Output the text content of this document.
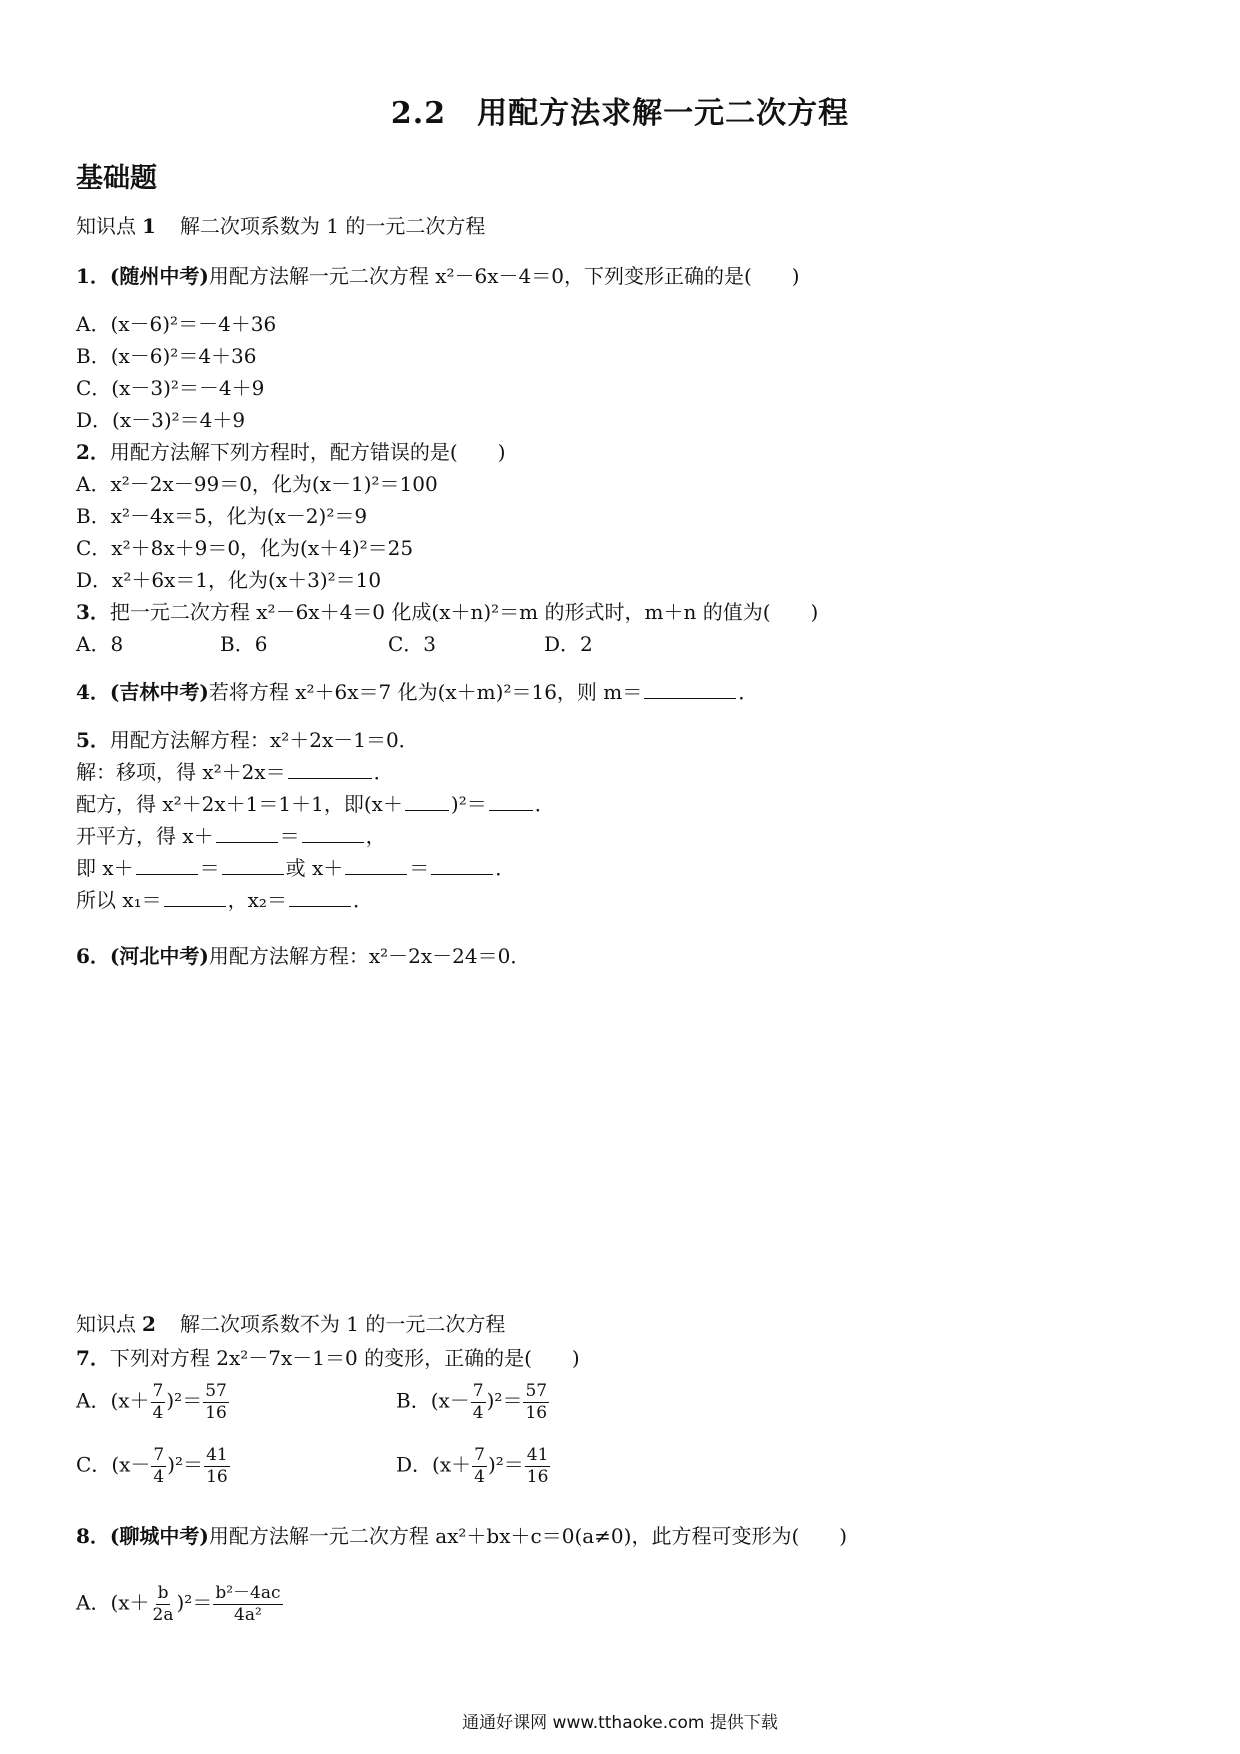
2.2　用配方法求解一元二次方程
基础题
知识点 1 解二次项系数为 1 的一元二次方程
1．(随州中考)用配方法解一元二次方程 x²－6x－4＝0，下列变形正确的是(　　)
A．(x－6)²＝－4＋36
B．(x－6)²＝4＋36
C．(x－3)²＝－4＋9
D．(x－3)²＝4＋9
2．用配方法解下列方程时，配方错误的是(　　)
A．x²－2x－99＝0，化为(x－1)²＝100
B．x²－4x＝5，化为(x－2)²＝9
C．x²＋8x＋9＝0，化为(x＋4)²＝25
D．x²＋6x＝1，化为(x＋3)²＝10
3．把一元二次方程 x²－6x＋4＝0 化成(x＋n)²＝m 的形式时，m＋n 的值为(　　)
A．8	B．6	C．3	D．2
4．(吉林中考)若将方程 x²＋6x＝7 化为(x＋m)²＝16，则 m＝	．
5．用配方法解方程：x²＋2x－1＝0．
解：移项，得 x²＋2x＝	．
配方，得 x²＋2x＋1＝1＋1，即(x＋ )²＝ ．
开平方，得 x＋	＝	，
即 x＋	＝	或 x＋	＝	．
所以 x₁＝	，x₂＝	．
6．(河北中考)用配方法解方程：x²－2x－24＝0．
知识点 2 解二次项系数不为 1 的一元二次方程
7．下列对方程 2x²－7x－1＝0 的变形，正确的是(　　)
A．$(x+ \frac{7}{4} )^2= \frac{57}{16}$	B．$(x- \frac{7}{4} )^2= \frac{57}{16}$
C．$(x- \frac{7}{4} )^2= \frac{41}{16}$	D．$(x+ \frac{7}{4} )^2= \frac{41}{16}$
8．(聊城中考)用配方法解一元二次方程 ax²＋bx＋c＝0(a≠0)，此方程可变形为(　　)
A．$(x+ \frac{b}{2a} )^2= \frac{\text{b²－4ac}}{\text{4a²}}$
通通好课网 www.tthaoke.com 提供下载
